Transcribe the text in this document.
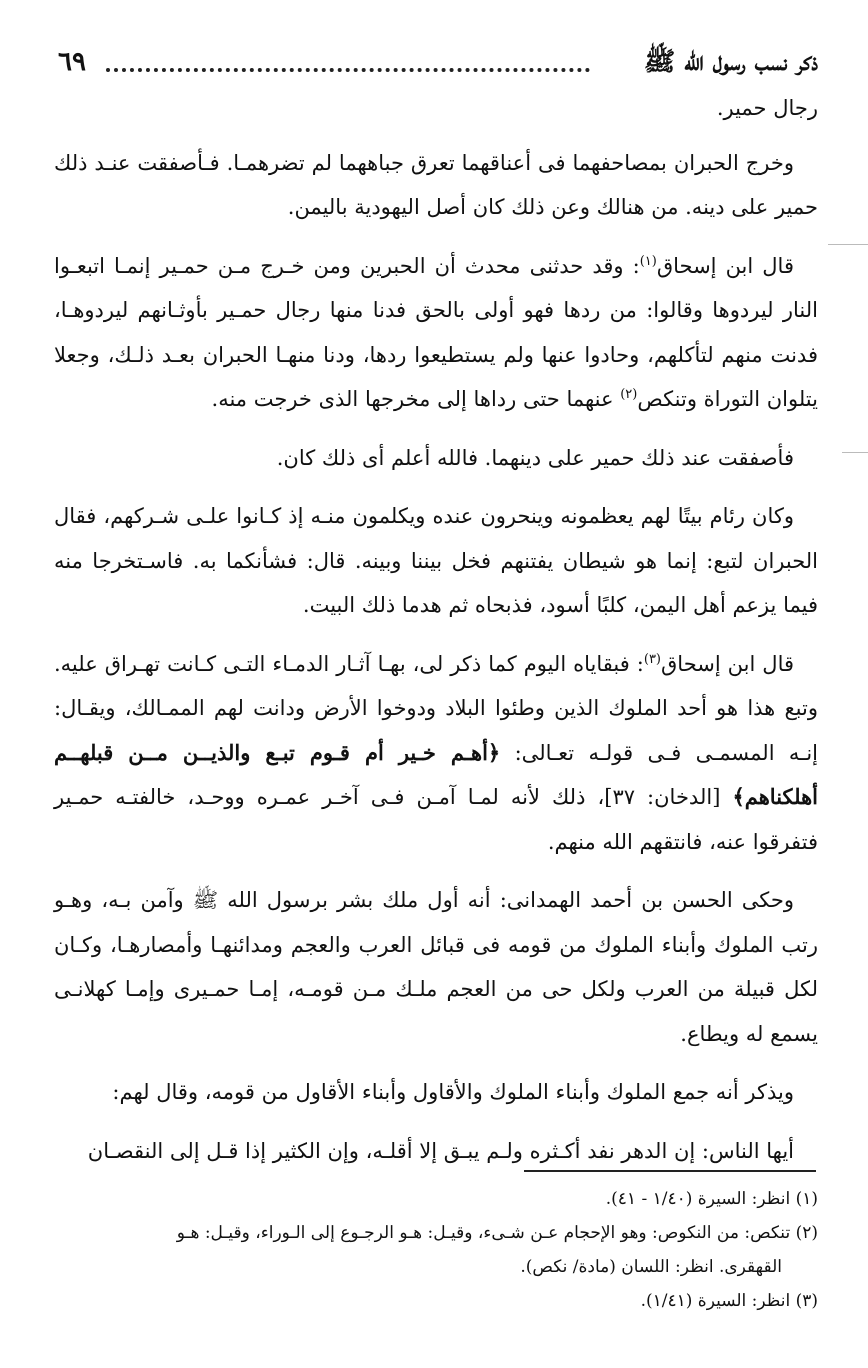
ذكر نسب رسول الله ﷺ
٦٩

رجال حمير.

وخرج الحبران بمصاحفهما فى أعناقهما تعرق جباههما لم تضرهمـا. فـأصفقت عنـد ذلك حمير على دينه. من هنالك وعن ذلك كان أصل اليهودية باليمن.

قال ابن إسحاق$^{(١)}$: وقد حدثنى محدث أن الحبرين ومن خـرج مـن حمـير إنمـا اتبعـوا النار ليردوها وقالوا: من ردها فهو أولى بالحق فدنا منها رجال حمـير بأوثـانهم ليردوهـا، فدنت منهم لتأكلهم، وحادوا عنها ولم يستطيعوا ردها، ودنا منهـا الحبران بعـد ذلـك، وجعلا يتلوان التوراة وتنكص$^{(٢)}$ عنهما حتى رداها إلى مخرجها الذى خرجت منه.

فأصفقت عند ذلك حمير على دينهما. فالله أعلم أى ذلك كان.

وكان رئام بيتًا لهم يعظمونه وينحرون عنده ويكلمون منـه إذ كـانوا علـى شـركهم، فقال الحبران لتبع: إنما هو شيطان يفتنهم فخل بيننا وبينه. قال: فشأنكما به. فاسـتخرجا منه فيما يزعم أهل اليمن، كلبًا أسود، فذبحاه ثم هدما ذلك البيت.

قال ابن إسحاق$^{(٣)}$: فبقاياه اليوم كما ذكر لى، بهـا آثـار الدمـاء التـى كـانت تهـراق عليه. وتبع هذا هو أحد الملوك الذين وطئوا البلاد ودوخوا الأرض ودانت لهم الممـالك، ويقـال: إنـه المسمـى فـى قولـه تعـالى: ﴿أهـم خـير أم قـوم تبـع والذيــن مــن قبلهــم أهلكناهم﴾ [الدخان: ٣٧]، ذلك لأنه لمـا آمـن فـى آخـر عمـره ووحـد، خالفتـه حمـير فتفرقوا عنه، فانتقهم الله منهم.

وحكى الحسن بن أحمد الهمدانى: أنه أول ملك بشر برسول الله ﷺ وآمن بـه، وهـو رتب الملوك وأبناء الملوك من قومه فى قبائل العرب والعجم ومدائنهـا وأمصارهـا، وكـان لكل قبيلة من العرب ولكل حى من العجم ملـك مـن قومـه، إمـا حمـيرى وإمـا كهلانـى يسمع له ويطاع.

ويذكر أنه جمع الملوك وأبناء الملوك والأقاول وأبناء الأقاول من قومه، وقال لهم:

أيها الناس: إن الدهر نفد أكـثره ولـم يبـق إلا أقلـه، وإن الكثير إذا قـل إلى النقصـان

(١) انظر: السيرة (١/٤٠ - ٤١).

(٢) تنكص: من النكوص: وهو الإحجام عـن شـىء، وقيـل: هـو الرجـوع إلى الـوراء، وقيـل: هـو

القهقرى. انظر: اللسان (مادة/ نكص).

(٣) انظر: السيرة (١/٤١).
